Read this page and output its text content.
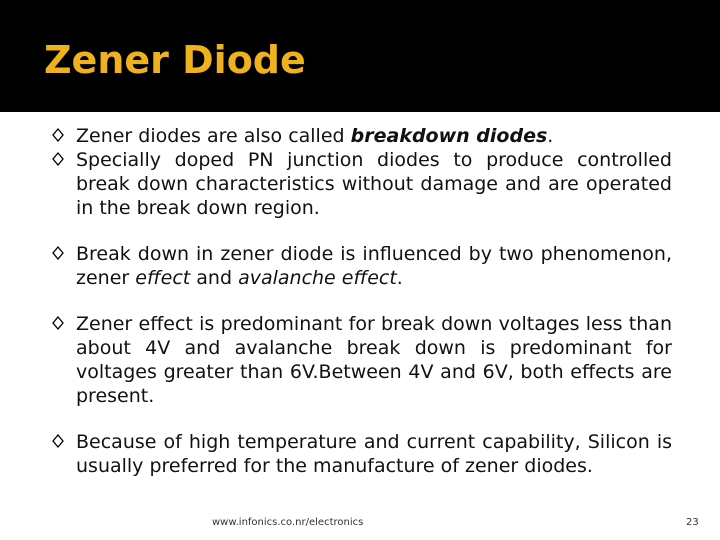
Zener Diode
Zener diodes are also called breakdown diodes.
Specially doped PN junction diodes to produce controlled break down characteristics without damage and are operated in the break down region.
Break down in zener diode is influenced by two phenomenon, zener effect and avalanche effect.
Zener effect is predominant for break down voltages less than about 4V and avalanche break down is predominant for voltages greater than 6V.Between 4V and 6V, both effects are present.
Because of high temperature and current capability, Silicon is usually preferred for the manufacture of zener diodes.
www.infonics.co.nr/electronics	23
